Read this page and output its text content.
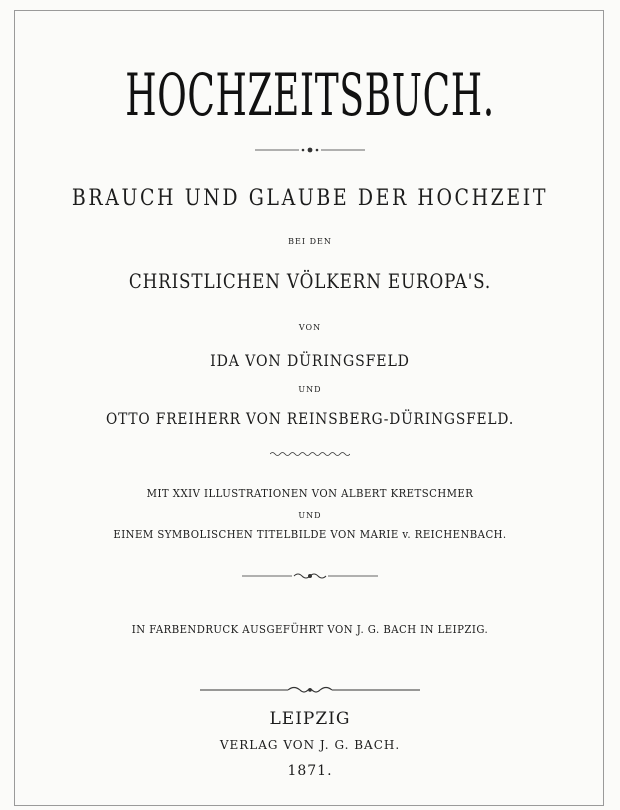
HOCHZEITSBUCH.
BRAUCH UND GLAUBE DER HOCHZEIT
BEI DEN
CHRISTLICHEN VÖLKERN EUROPA'S.
VON
IDA VON DÜRINGSFELD
UND
OTTO FREIHERR VON REINSBERG-DÜRINGSFELD.
MIT XXIV ILLUSTRATIONEN VON ALBERT KRETSCHMER
UND
EINEM SYMBOLISCHEN TITELBILDE VON MARIE v. REICHENBACH.
IN FARBENDRUCK AUSGEFÜHRT VON J. G. BACH IN LEIPZIG.
LEIPZIG
VERLAG VON J. G. BACH.
1871.
